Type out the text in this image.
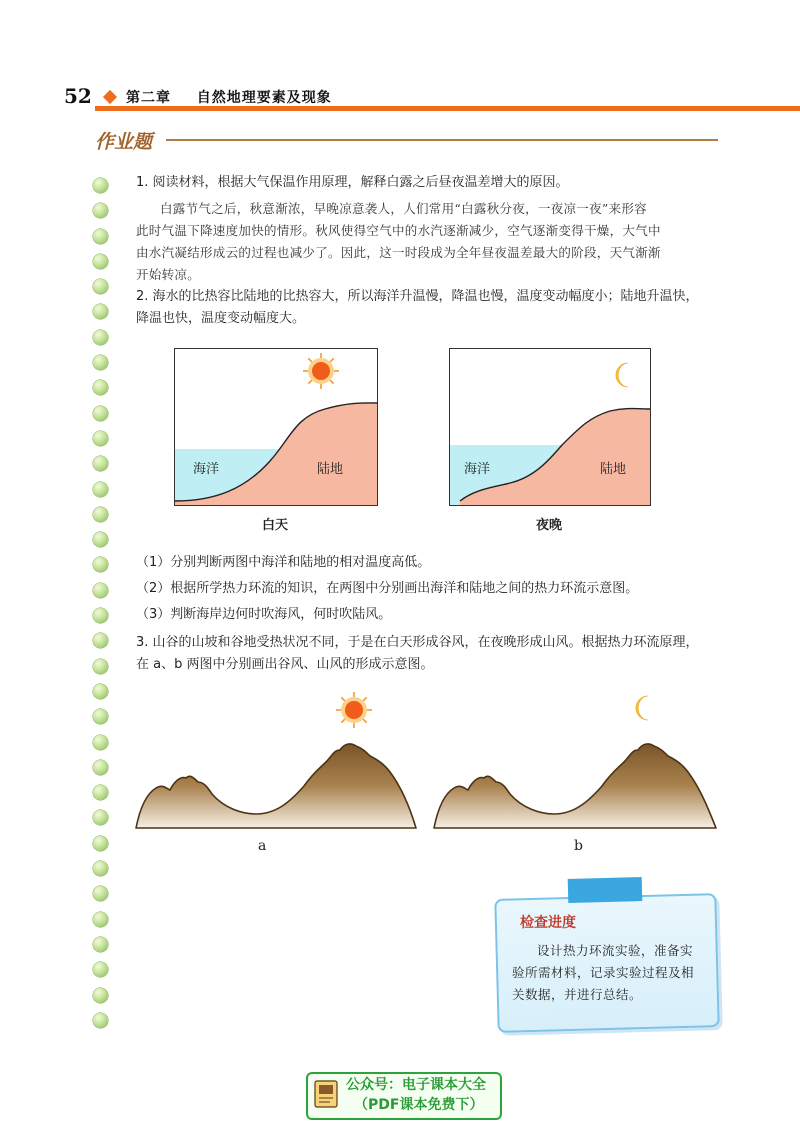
52 第二章 自然地理要素及现象
作业题
1. 阅读材料，根据大气保温作用原理，解释白露之后昼夜温差增大的原因。
白露节气之后，秋意渐浓，早晚凉意袭人，人们常用“白露秋分夜，一夜凉一夜”来形容
此时气温下降速度加快的情形。秋风使得空气中的水汽逐渐减少，空气逐渐变得干燥，大气中
由水汽凝结形成云的过程也减少了。因此，这一时段成为全年昼夜温差最大的阶段，天气渐渐
开始转凉。
2. 海水的比热容比陆地的比热容大，所以海洋升温慢，降温也慢，温度变动幅度小；陆地升温快，
降温也快，温度变动幅度大。
海洋	陆地
白天
海洋	陆地
夜晚
（1）分别判断两图中海洋和陆地的相对温度高低。
（2）根据所学热力环流的知识，在两图中分别画出海洋和陆地之间的热力环流示意图。
（3）判断海岸边何时吹海风，何时吹陆风。
3. 山谷的山坡和谷地受热状况不同，于是在白天形成谷风，在夜晚形成山风。根据热力环流原理，
在 a、b 两图中分别画出谷风、山风的形成示意图。
a	b
检查进度
设计热力环流实验，准备实验所需材料，记录实验过程及相关数据，并进行总结。
公众号：电子课本大全
（PDF课本免费下）
